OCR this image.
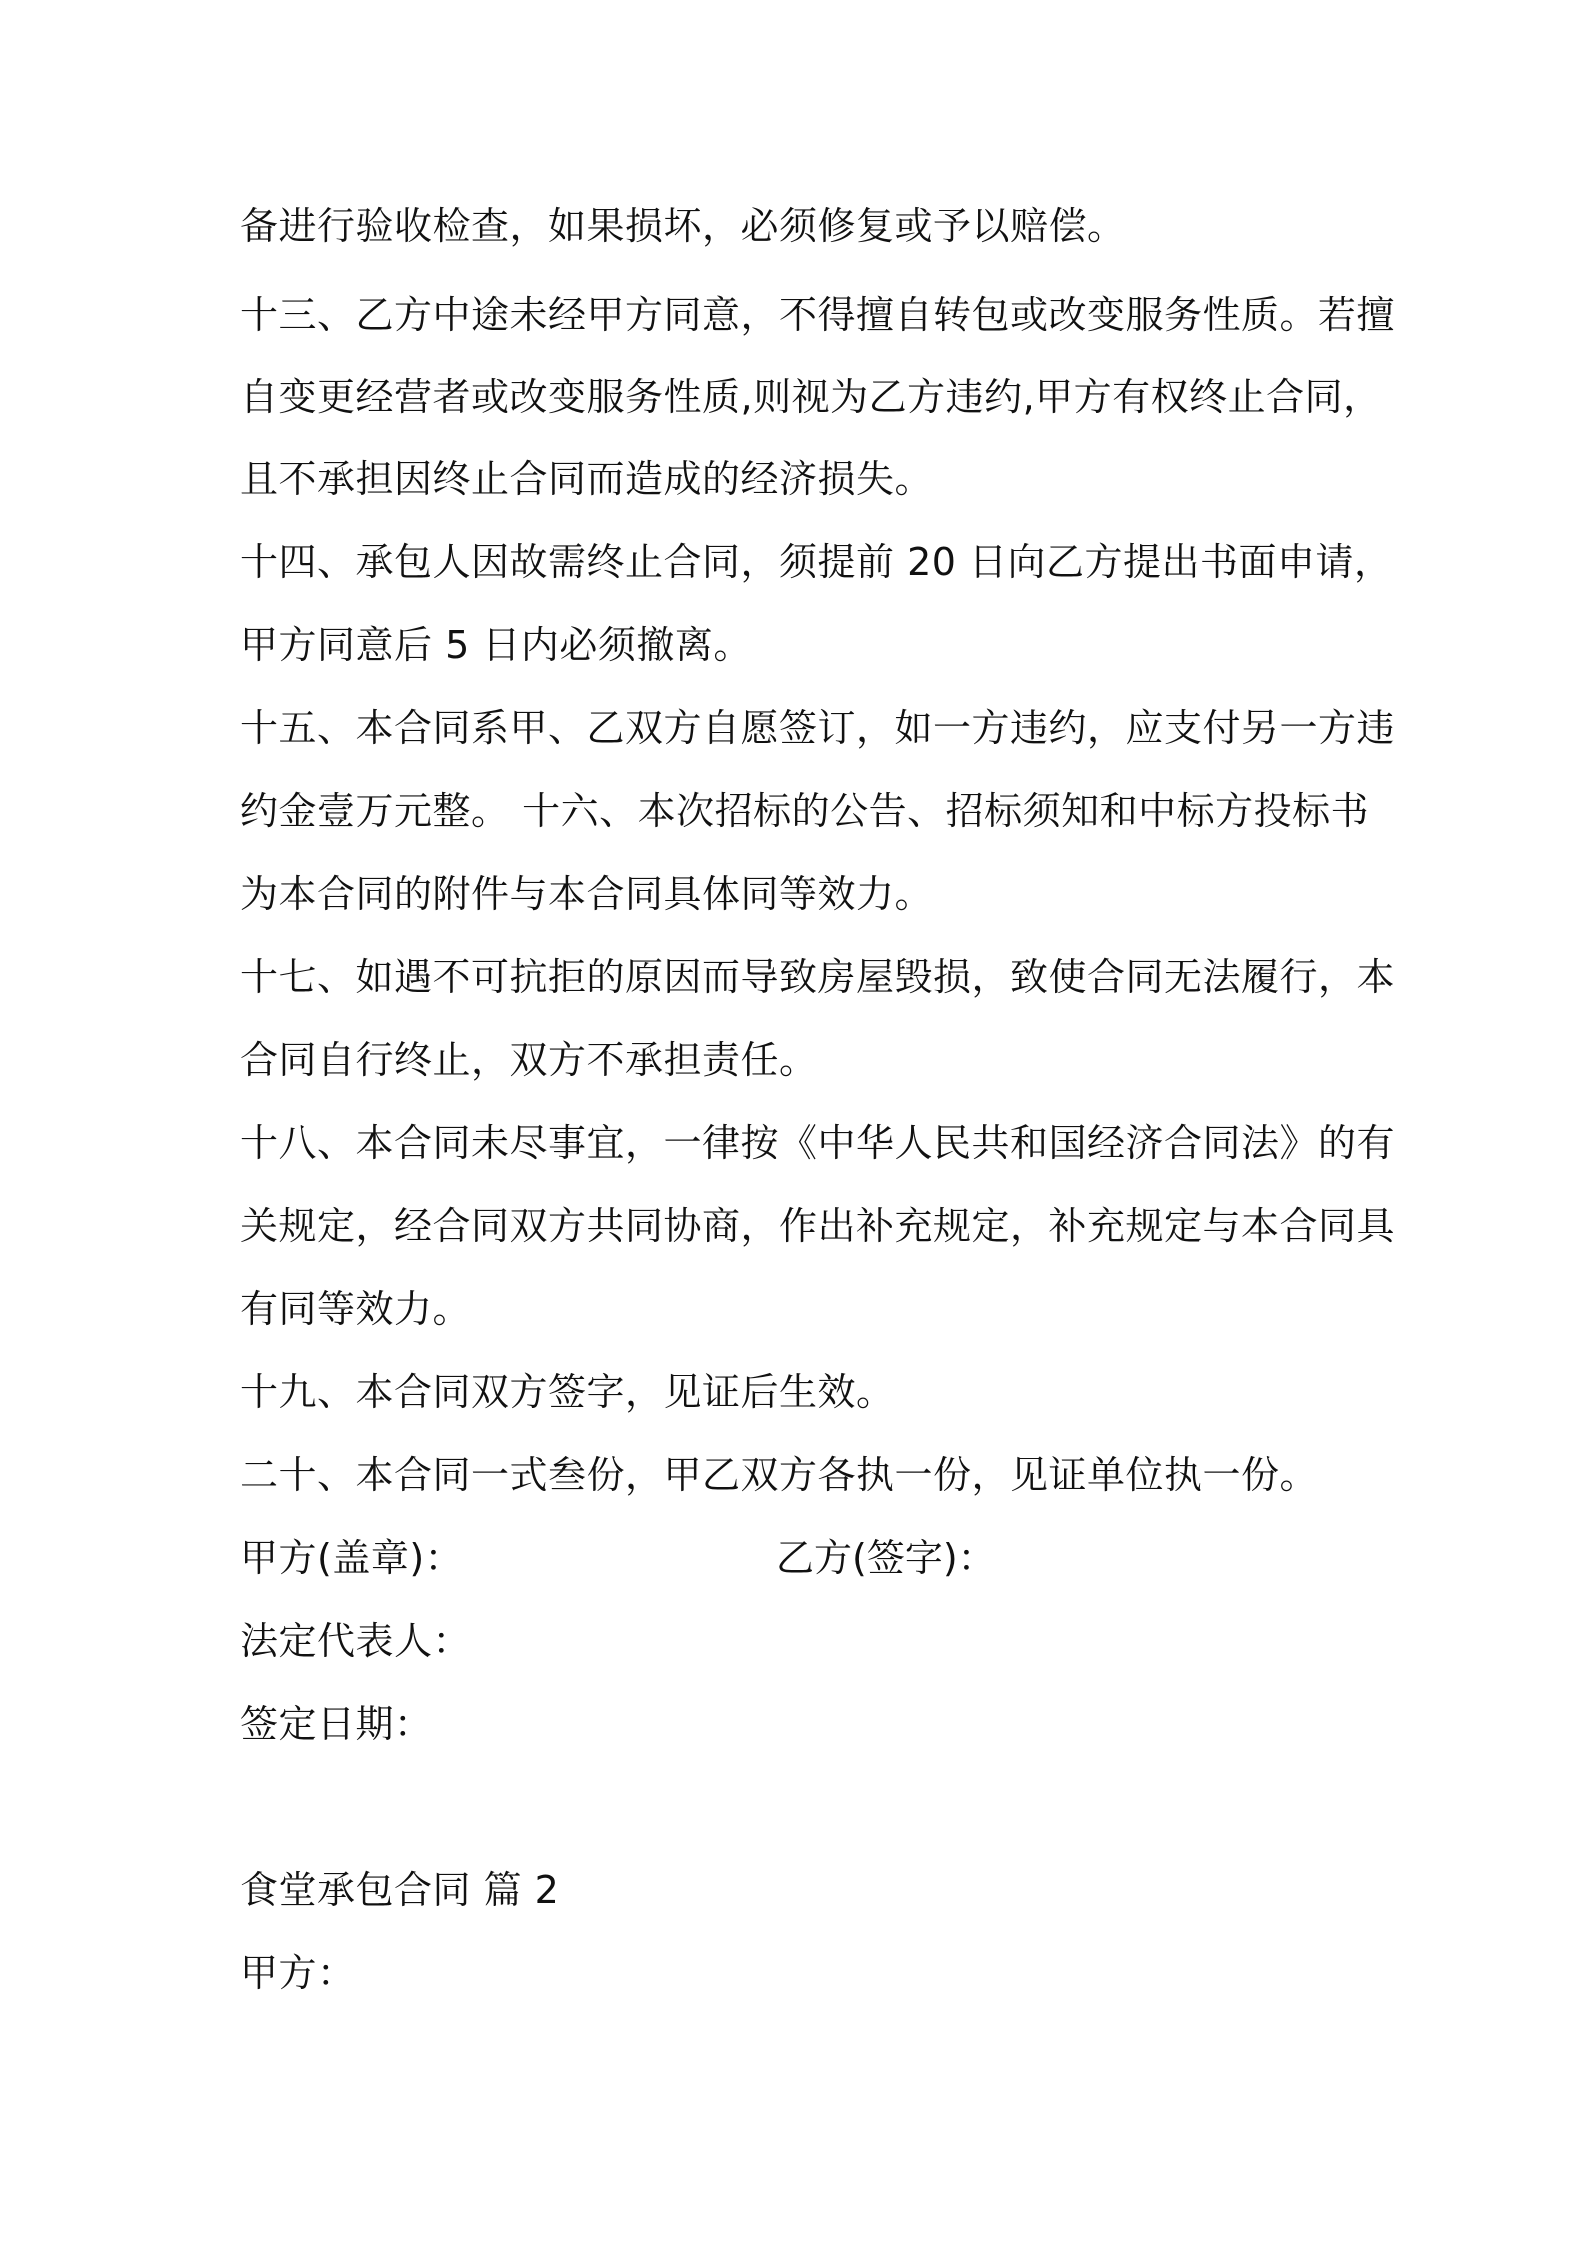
备进行验收检查，如果损坏，必须修复或予以赔偿。
十三、乙方中途未经甲方同意，不得擅自转包或改变服务性质。若擅
自变更经营者或改变服务性质,则视为乙方违约,甲方有权终止合同，
且不承担因终止合同而造成的经济损失。
十四、承包人因故需终止合同，须提前 20 日向乙方提出书面申请，
甲方同意后 5 日内必须撤离。
十五、本合同系甲、乙双方自愿签订，如一方违约，应支付另一方违
约金壹万元整。 十六、本次招标的公告、招标须知和中标方投标书
为本合同的附件与本合同具体同等效力。
十七、如遇不可抗拒的原因而导致房屋毁损，致使合同无法履行，本
合同自行终止，双方不承担责任。
十八、本合同未尽事宜，一律按《中华人民共和国经济合同法》的有
关规定，经合同双方共同协商，作出补充规定，补充规定与本合同具
有同等效力。
十九、本合同双方签字，见证后生效。
二十、本合同一式叁份，甲乙双方各执一份，见证单位执一份。
甲方(盖章)：	乙方(签字)：
法定代表人：
签定日期：
食堂承包合同 篇 2
甲方：
